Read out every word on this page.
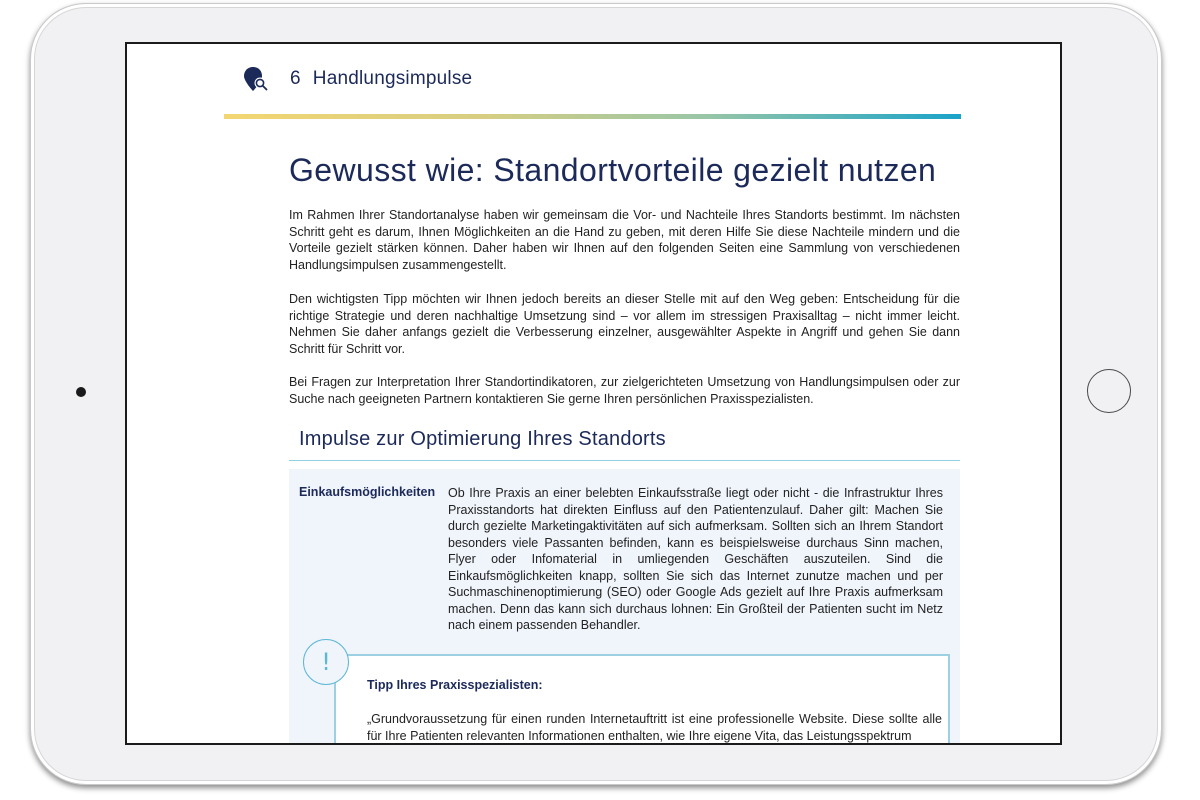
6 Handlungsimpulse
Gewusst wie: Standortvorteile gezielt nutzen

Im Rahmen Ihrer Standortanalyse haben wir gemeinsam die Vor- und Nachteile Ihres Standorts bestimmt. Im nächsten Schritt geht es darum, Ihnen Möglichkeiten an die Hand zu geben, mit deren Hilfe Sie diese Nachteile mindern und die Vorteile gezielt stärken können. Daher haben wir Ihnen auf den folgenden Seiten eine Sammlung von verschiedenen Handlungsimpulsen zusammengestellt.

Den wichtigsten Tipp möchten wir Ihnen jedoch bereits an dieser Stelle mit auf den Weg geben: Entscheidung für die richtige Strategie und deren nachhaltige Umsetzung sind – vor allem im stressigen Praxisalltag – nicht immer leicht. Nehmen Sie daher anfangs gezielt die Verbesserung einzelner, ausgewählter Aspekte in Angriff und gehen Sie dann Schritt für Schritt vor.

Bei Fragen zur Interpretation Ihrer Standortindikatoren, zur zielgerichteten Umsetzung von Handlungsimpulsen oder zur Suche nach geeigneten Partnern kontaktieren Sie gerne Ihren persönlichen Praxisspezialisten.

Impulse zur Optimierung Ihres Standorts
Einkaufsmöglichkeiten Ob Ihre Praxis an einer belebten Einkaufsstraße liegt oder nicht - die Infrastruktur Ihres Praxisstandorts hat direkten Einfluss auf den Patientenzulauf. Daher gilt: Machen Sie durch gezielte Marketingaktivitäten auf sich aufmerksam. Sollten sich an Ihrem Standort besonders viele Passanten befinden, kann es beispielsweise durchaus Sinn machen, Flyer oder Infomaterial in umliegenden Geschäften auszuteilen. Sind die Einkaufsmöglichkeiten knapp, sollten Sie sich das Internet zunutze machen und per Suchmaschinenoptimierung (SEO) oder Google Ads gezielt auf Ihre Praxis aufmerksam machen. Denn das kann sich durchaus lohnen: Ein Großteil der Patienten sucht im Netz nach einem passenden Behandler.

!
Tipp Ihres Praxisspezialisten:

„Grundvoraussetzung für einen runden Internetauftritt ist eine professionelle Website. Diese sollte alle für Ihre Patienten relevanten Informationen enthalten, wie Ihre eigene Vita, das Leistungsspektrum
